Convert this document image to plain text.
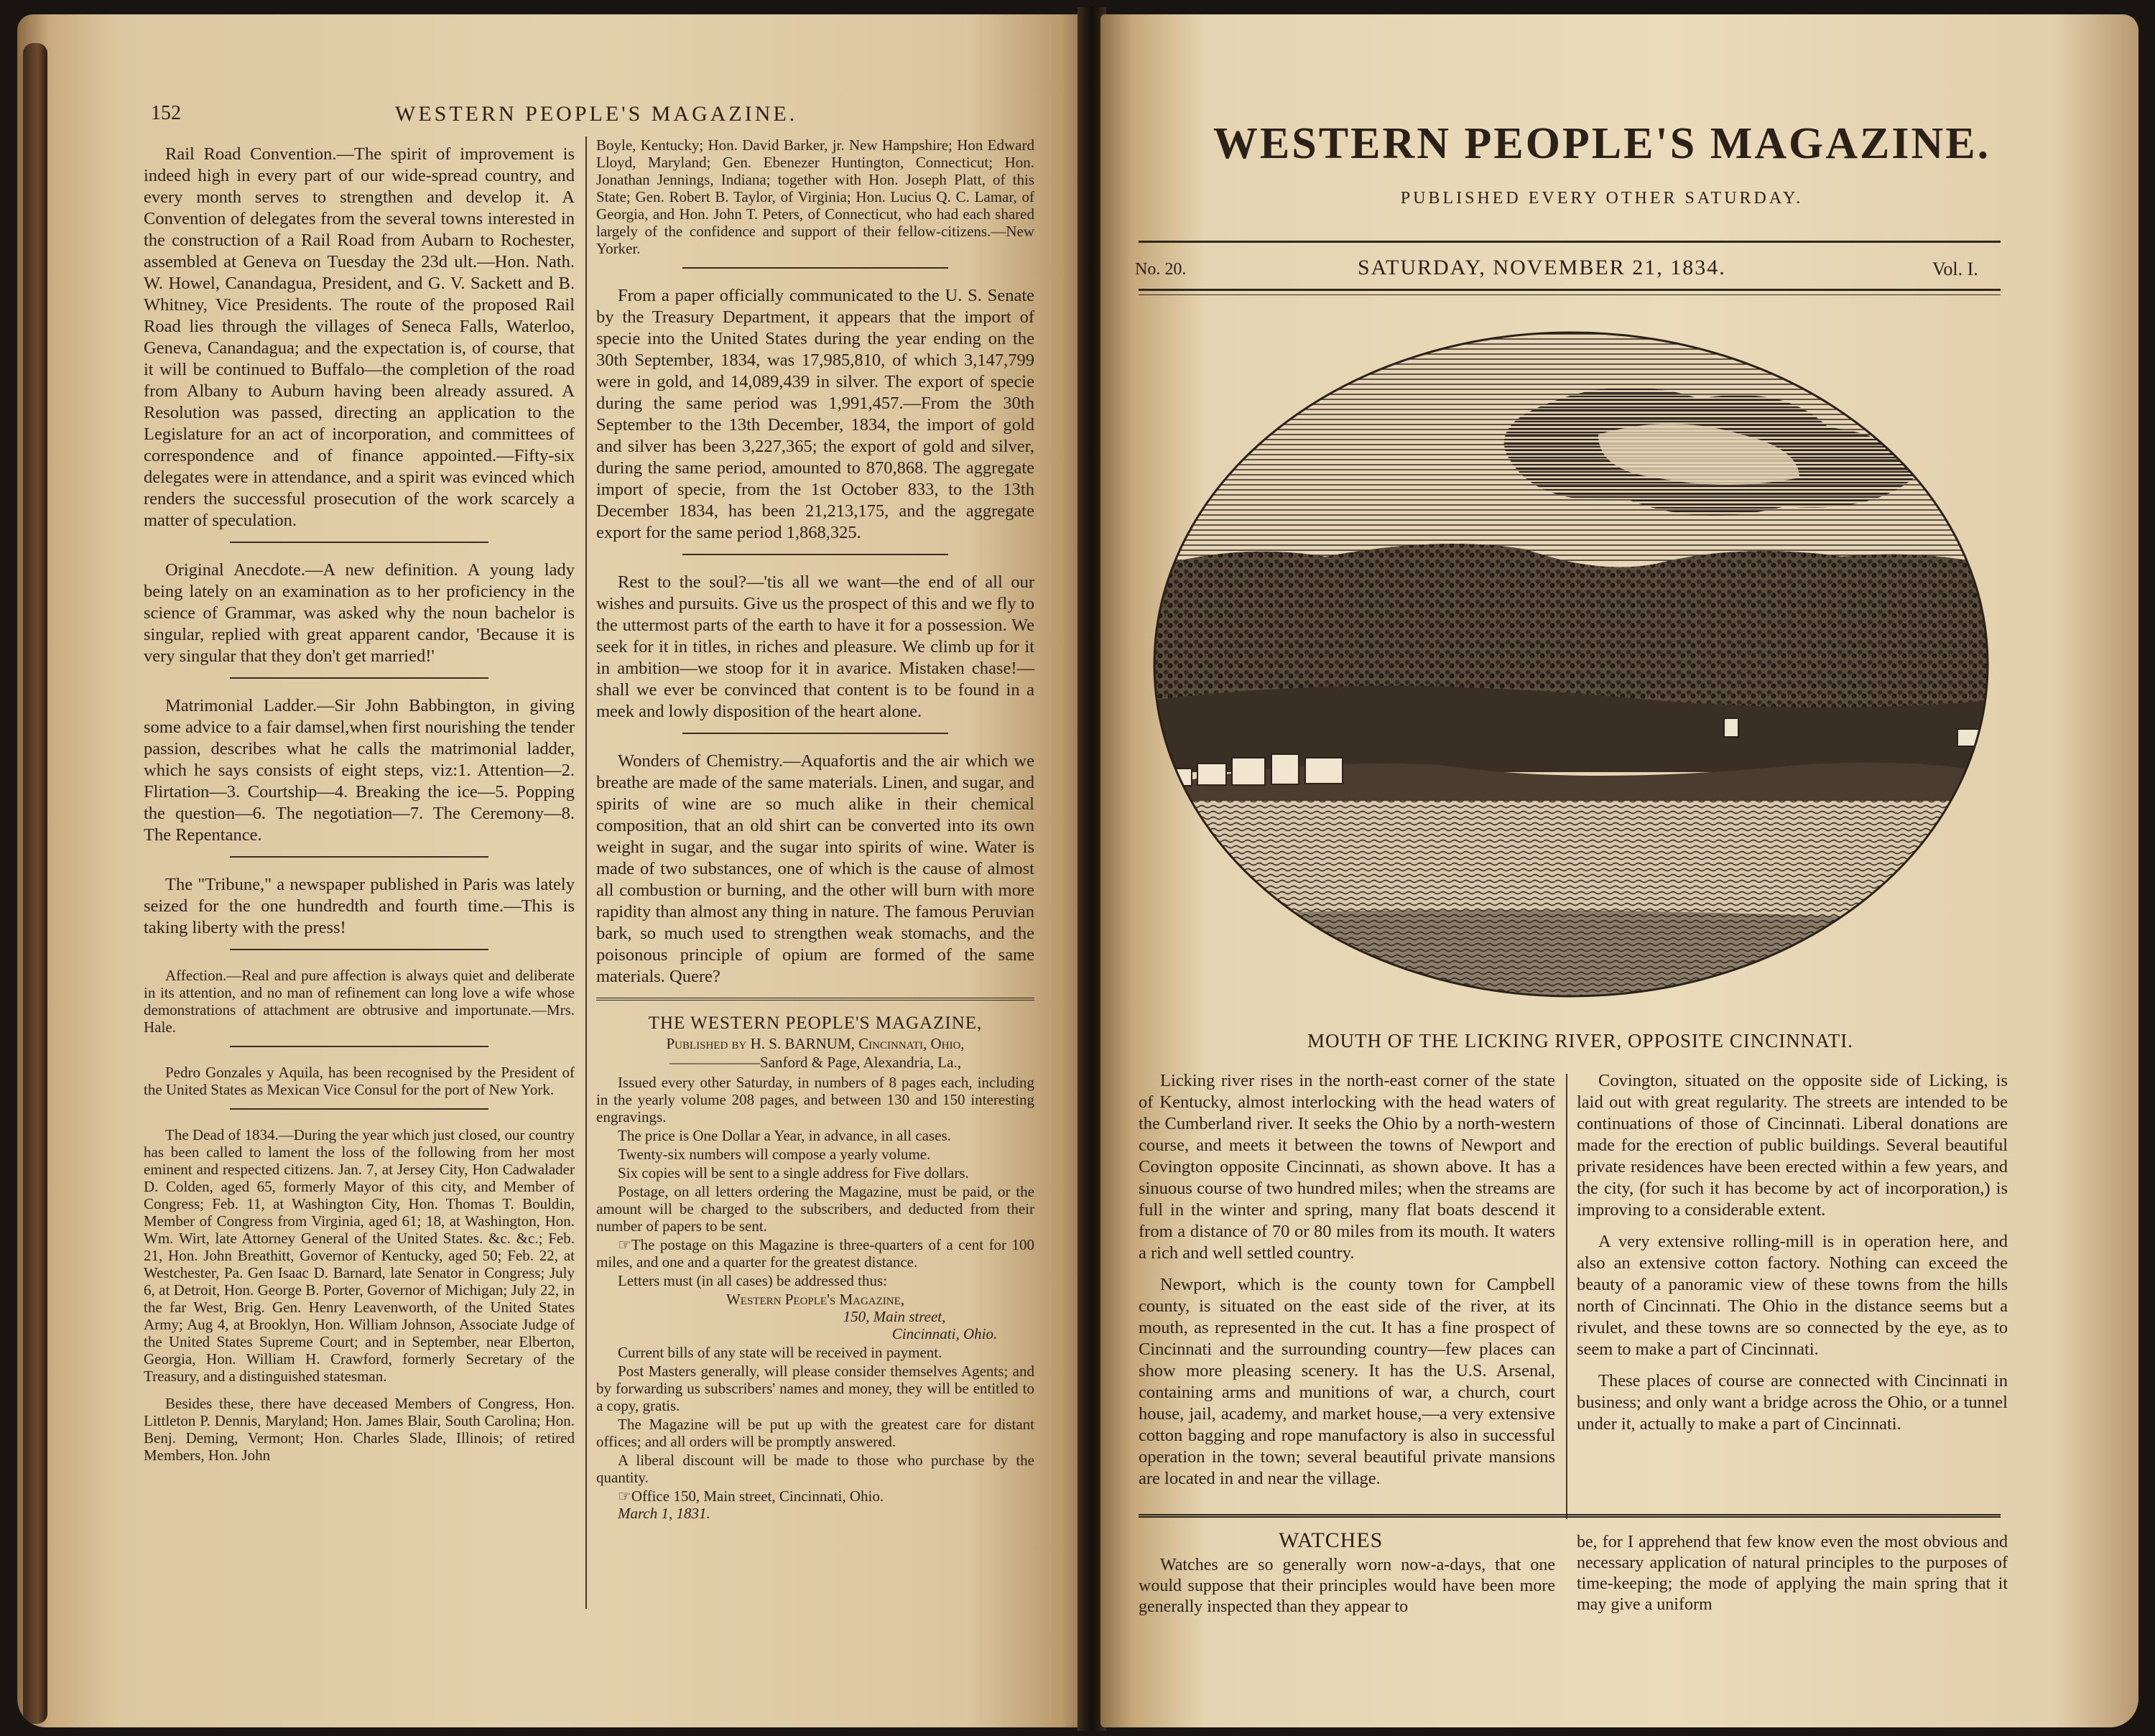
152	WESTERN PEOPLE'S MAGAZINE.

Rail Road Convention.—The spirit of improvement is indeed high in every part of our wide-spread country, and every month serves to strengthen and develop it. A Convention of delegates from the several towns interested in the construction of a Rail Road from Aubarn to Rochester, assembled at Geneva on Tuesday the 23d ult.—Hon. Nath. W. Howel, Canandagua, President, and G. V. Sackett and B. Whitney, Vice Presidents. The route of the proposed Rail Road lies through the villages of Seneca Falls, Waterloo, Geneva, Canandagua; and the expectation is, of course, that it will be continued to Buffalo—the completion of the road from Albany to Auburn having been already assured. A Resolution was passed, directing an application to the Legislature for an act of incorporation, and committees of correspondence and of finance appointed.—Fifty-six delegates were in attendance, and a spirit was evinced which renders the successful prosecution of the work scarcely a matter of speculation.

Original Anecdote.—A new definition. A young lady being lately on an examination as to her proficiency in the science of Grammar, was asked why the noun bachelor is singular, replied with great apparent candor, 'Because it is very singular that they don't get married!'

Matrimonial Ladder.—Sir John Babbington, in giving some advice to a fair damsel,when first nourishing the tender passion, describes what he calls the matrimonial ladder, which he says consists of eight steps, viz:1. Attention—2. Flirtation—3. Courtship—4. Breaking the ice—5. Popping the question—6. The negotiation—7. The Ceremony—8. The Repentance.

The "Tribune," a newspaper published in Paris was lately seized for the one hundredth and fourth time.—This is taking liberty with the press!

Affection.—Real and pure affection is always quiet and deliberate in its attention, and no man of refinement can long love a wife whose demonstrations of attachment are obtrusive and importunate.—Mrs. Hale.

Pedro Gonzales y Aquila, has been recognised by the President of the United States as Mexican Vice Consul for the port of New York.

The Dead of 1834.—During the year which just closed, our country has been called to lament the loss of the following from her most eminent and respected citizens. Jan. 7, at Jersey City, Hon Cadwalader D. Colden, aged 65, formerly Mayor of this city, and Member of Congress; Feb. 11, at Washington City, Hon. Thomas T. Bouldin, Member of Congress from Virginia, aged 61; 18, at Washington, Hon. Wm. Wirt, late Attorney General of the United States. &c. &c.; Feb. 21, Hon. John Breathitt, Governor of Kentucky, aged 50; Feb. 22, at Westchester, Pa. Gen Isaac D. Barnard, late Senator in Congress; July 6, at Detroit, Hon. George B. Porter, Governor of Michigan; July 22, in the far West, Brig. Gen. Henry Leavenworth, of the United States Army; Aug 4, at Brooklyn, Hon. William Johnson, Associate Judge of the United States Supreme Court; and in September, near Elberton, Georgia, Hon. William H. Crawford, formerly Secretary of the Treasury, and a distinguished statesman.

Besides these, there have deceased Members of Congress, Hon. Littleton P. Dennis, Maryland; Hon. James Blair, South Carolina; Hon. Benj. Deming, Vermont; Hon. Charles Slade, Illinois; of retired Members, Hon. John

Boyle, Kentucky; Hon. David Barker, jr. New Hampshire; Hon Edward Lloyd, Maryland; Gen. Ebenezer Huntington, Connecticut; Hon. Jonathan Jennings, Indiana; together with Hon. Joseph Platt, of this State; Gen. Robert B. Taylor, of Virginia; Hon. Lucius Q. C. Lamar, of Georgia, and Hon. John T. Peters, of Connecticut, who had each shared largely of the confidence and support of their fellow-citizens.—New Yorker.

From a paper officially communicated to the U. S. Senate by the Treasury Department, it appears that the import of specie into the United States during the year ending on the 30th September, 1834, was 17,985,810, of which 3,147,799 were in gold, and 14,089,439 in silver. The export of specie during the same period was 1,991,457.—From the 30th September to the 13th December, 1834, the import of gold and silver has been 3,227,365; the export of gold and silver, during the same period, amounted to 870,868. The aggregate import of specie, from the 1st October 833, to the 13th December 1834, has been 21,213,175, and the aggregate export for the same period 1,868,325.

Rest to the soul?—'tis all we want—the end of all our wishes and pursuits. Give us the prospect of this and we fly to the uttermost parts of the earth to have it for a possession. We seek for it in titles, in riches and pleasure. We climb up for it in ambition—we stoop for it in avarice. Mistaken chase!—shall we ever be convinced that content is to be found in a meek and lowly disposition of the heart alone.

Wonders of Chemistry.—Aquafortis and the air which we breathe are made of the same materials. Linen, and sugar, and spirits of wine are so much alike in their chemical composition, that an old shirt can be converted into its own weight in sugar, and the sugar into spirits of wine. Water is made of two substances, one of which is the cause of almost all combustion or burning, and the other will burn with more rapidity than almost any thing in nature. The famous Peruvian bark, so much used to strengthen weak stomachs, and the poisonous principle of opium are formed of the same materials. Quere?

THE WESTERN PEOPLE'S MAGAZINE,

Published by H. S. BARNUM, Cincinnati, Ohio,

——————Sanford & Page, Alexandria, La.,

Issued every other Saturday, in numbers of 8 pages each, including in the yearly volume 208 pages, and between 130 and 150 interesting engravings.

The price is One Dollar a Year, in advance, in all cases.

Twenty-six numbers will compose a yearly volume.

Six copies will be sent to a single address for Five dollars.

Postage, on all letters ordering the Magazine, must be paid, or the amount will be charged to the subscribers, and deducted from their number of papers to be sent.

☞The postage on this Magazine is three-quarters of a cent for 100 miles, and one and a quarter for the greatest distance.

Letters must (in all cases) be addressed thus:

Western People's Magazine,

150, Main street,

Cincinnati, Ohio.

Current bills of any state will be received in payment.

Post Masters generally, will please consider themselves Agents; and by forwarding us subscribers' names and money, they will be entitled to a copy, gratis.

The Magazine will be put up with the greatest care for distant offices; and all orders will be promptly answered.

A liberal discount will be made to those who purchase by the quantity.

☞Office 150, Main street, Cincinnati, Ohio.

March 1, 1831.

WESTERN PEOPLE'S MAGAZINE.
PUBLISHED EVERY OTHER SATURDAY.
No. 20.	SATURDAY, NOVEMBER 21, 1834.	Vol. I.
MOUTH OF THE LICKING RIVER, OPPOSITE CINCINNATI.

Licking river rises in the north-east corner of the state of Kentucky, almost interlocking with the head waters of the Cumberland river. It seeks the Ohio by a north-western course, and meets it between the towns of Newport and Covington opposite Cincinnati, as shown above. It has a sinuous course of two hundred miles; when the streams are full in the winter and spring, many flat boats descend it from a distance of 70 or 80 miles from its mouth. It waters a rich and well settled country.

Newport, which is the county town for Campbell county, is situated on the east side of the river, at its mouth, as represented in the cut. It has a fine prospect of Cincinnati and the surrounding country—few places can show more pleasing scenery. It has the U.S. Arsenal, containing arms and munitions of war, a church, court house, jail, academy, and market house,—a very extensive cotton bagging and rope manufactory is also in successful operation in the town; several beautiful private mansions are located in and near the village.

Covington, situated on the opposite side of Licking, is laid out with great regularity. The streets are intended to be continuations of those of Cincinnati. Liberal donations are made for the erection of public buildings. Several beautiful private residences have been erected within a few years, and the city, (for such it has become by act of incorporation,) is improving to a considerable extent.

A very extensive rolling-mill is in operation here, and also an extensive cotton factory. Nothing can exceed the beauty of a panoramic view of these towns from the hills north of Cincinnati. The Ohio in the distance seems but a rivulet, and these towns are so connected by the eye, as to seem to make a part of Cincinnati.

These places of course are connected with Cincinnati in business; and only want a bridge across the Ohio, or a tunnel under it, actually to make a part of Cincinnati.

WATCHES
Watches are so generally worn now-a-days, that one would suppose that their principles would have been more generally inspected than they appear to
be, for I apprehend that few know even the most obvious and necessary application of natural principles to the purposes of time-keeping; the mode of applying the main spring that it may give a uniform
